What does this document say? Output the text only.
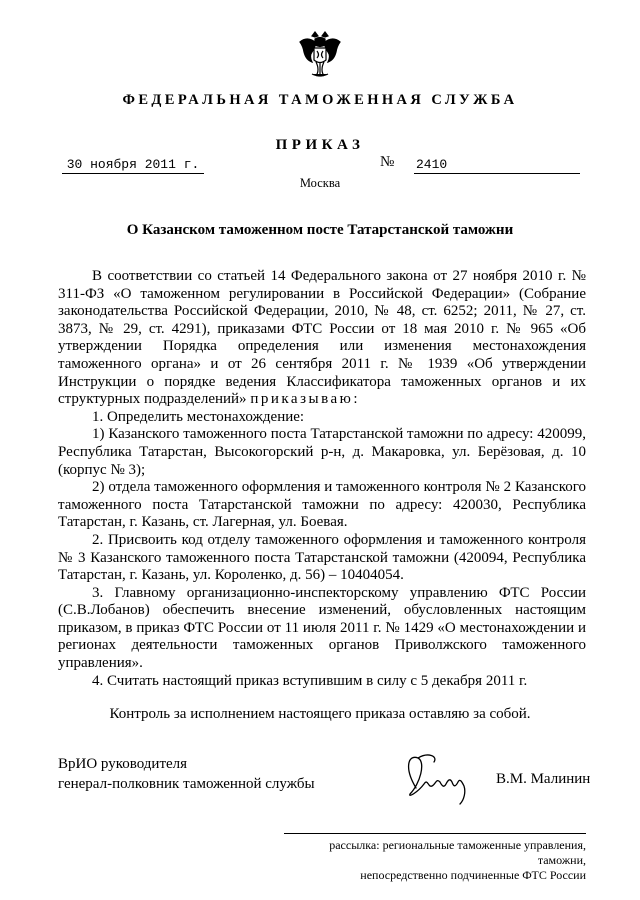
ФЕДЕРАЛЬНАЯ ТАМОЖЕННАЯ СЛУЖБА
ПРИКАЗ
30 ноября 2011 г.	№ 2410
Москва
О Казанском таможенном посте Татарстанской таможни

В соответствии со статьей 14 Федерального закона от 27 ноября 2010 г. № 311-ФЗ «О таможенном регулировании в Российской Федерации» (Собрание законодательства Российской Федерации, 2010, № 48, ст. 6252; 2011, № 27, ст. 3873, № 29, ст. 4291), приказами ФТС России от 18 мая 2010 г. № 965 «Об утверждении Порядка определения или изменения местонахождения таможенного органа» и от 26 сентября 2011 г. № 1939 «Об утверждении Инструкции о порядке ведения Классификатора таможенных органов и их структурных подразделений» приказываю:

1. Определить местонахождение:

1) Казанского таможенного поста Татарстанской таможни по адресу: 420099, Республика Татарстан, Высокогорский р-н, д. Макаровка, ул. Берёзовая, д. 10 (корпус № 3);

2) отдела таможенного оформления и таможенного контроля № 2 Казанского таможенного поста Татарстанской таможни по адресу: 420030, Республика Татарстан, г. Казань, ст. Лагерная, ул. Боевая.

2. Присвоить код отделу таможенного оформления и таможенного контроля № 3 Казанского таможенного поста Татарстанской таможни (420094, Республика Татарстан, г. Казань, ул. Короленко, д. 56) – 10404054.

3. Главному организационно-инспекторскому управлению ФТС России (С.В.Лобанов) обеспечить внесение изменений, обусловленных настоящим приказом, в приказ ФТС России от 11 июля 2011 г. № 1429 «О местонахождении и регионах деятельности таможенных органов Приволжского таможенного управления».

4. Считать настоящий приказ вступившим в силу с 5 декабря 2011 г.

Контроль за исполнением настоящего приказа оставляю за собой.
ВрИО руководителя
генерал-полковник таможенной службы	В.М. Малинин
рассылка: региональные таможенные управления, таможни,
непосредственно подчиненные ФТС России
